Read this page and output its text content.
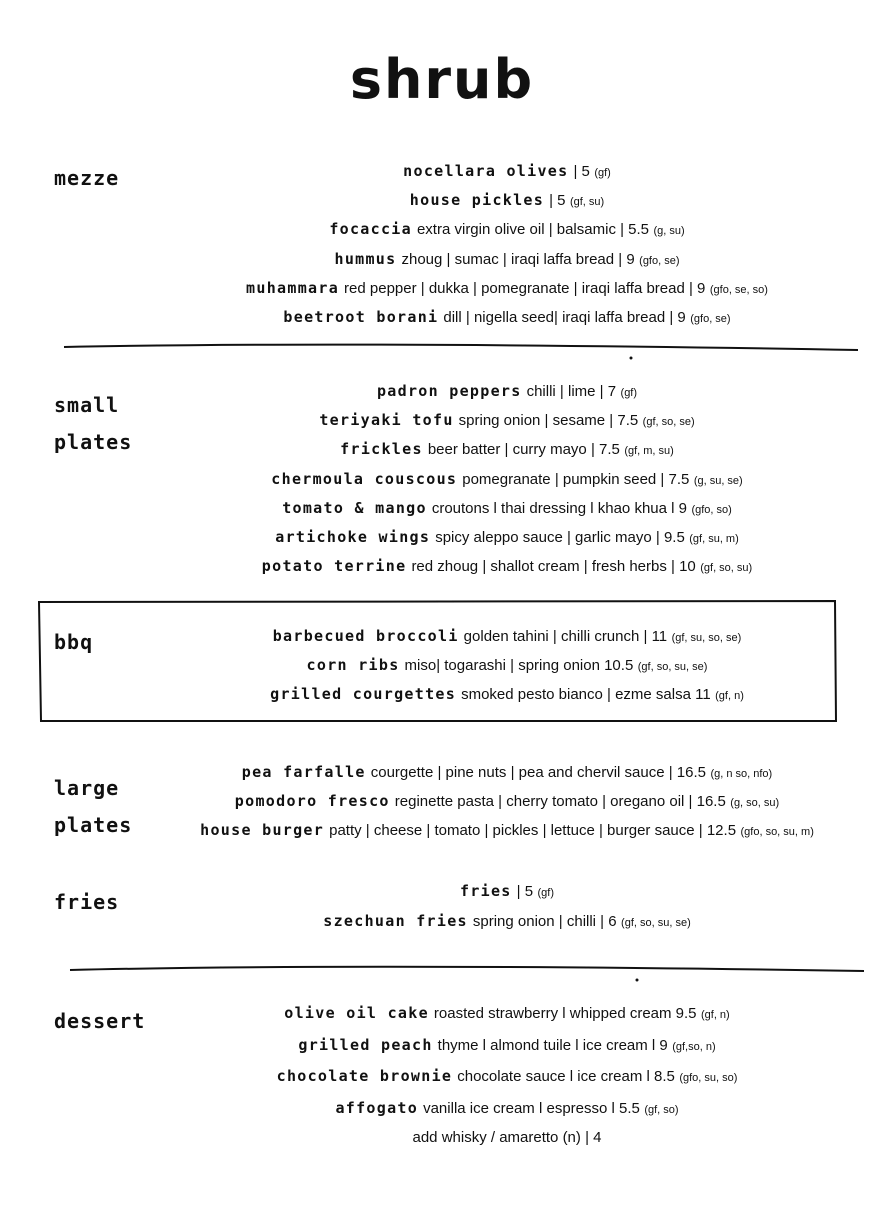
shrub
mezze	nocellara olives | 5 (gf)
house pickles | 5 (gf, su)
focaccia extra virgin olive oil | balsamic | 5.5 (g, su)
hummus zhoug | sumac | iraqi laffa bread | 9 (gfo, se)
muhammara red pepper | dukka | pomegranate | iraqi laffa bread | 9 (gfo, se, so)
beetroot borani dill | nigella seed| iraqi laffa bread | 9 (gfo, se)
small
plates
padron peppers chilli | lime | 7 (gf)
teriyaki tofu spring onion | sesame | 7.5 (gf, so, se)
frickles beer batter | curry mayo | 7.5 (gf, m, su)
chermoula couscous pomegranate | pumpkin seed | 7.5 (g, su, se)
tomato & mango croutons l thai dressing l khao khua l 9 (gfo, so)
artichoke wings spicy aleppo sauce | garlic mayo | 9.5 (gf, su, m)
potato terrine red zhoug | shallot cream | fresh herbs | 10 (gf, so, su)
bbq	barbecued broccoli golden tahini | chilli crunch | 11 (gf, su, so, se)
corn ribs miso| togarashi | spring onion 10.5 (gf, so, su, se)
grilled courgettes smoked pesto bianco | ezme salsa 11 (gf, n)
large
plates
pea farfalle courgette | pine nuts | pea and chervil sauce | 16.5 (g, n so, nfo)
pomodoro fresco reginette pasta | cherry tomato | oregano oil | 16.5 (g, so, su)
house burger patty | cheese | tomato | pickles | lettuce | burger sauce | 12.5 (gfo, so, su, m)
fries	fries | 5 (gf)
szechuan fries spring onion | chilli | 6 (gf, so, su, se)
dessert	olive oil cake roasted strawberry l whipped cream 9.5 (gf, n)
grilled peach thyme l almond tuile l ice cream l 9 (gf,so, n)
chocolate brownie chocolate sauce l ice cream l 8.5 (gfo, su, so)
affogato vanilla ice cream l espresso l 5.5 (gf, so)
add whisky / amaretto (n) | 4
